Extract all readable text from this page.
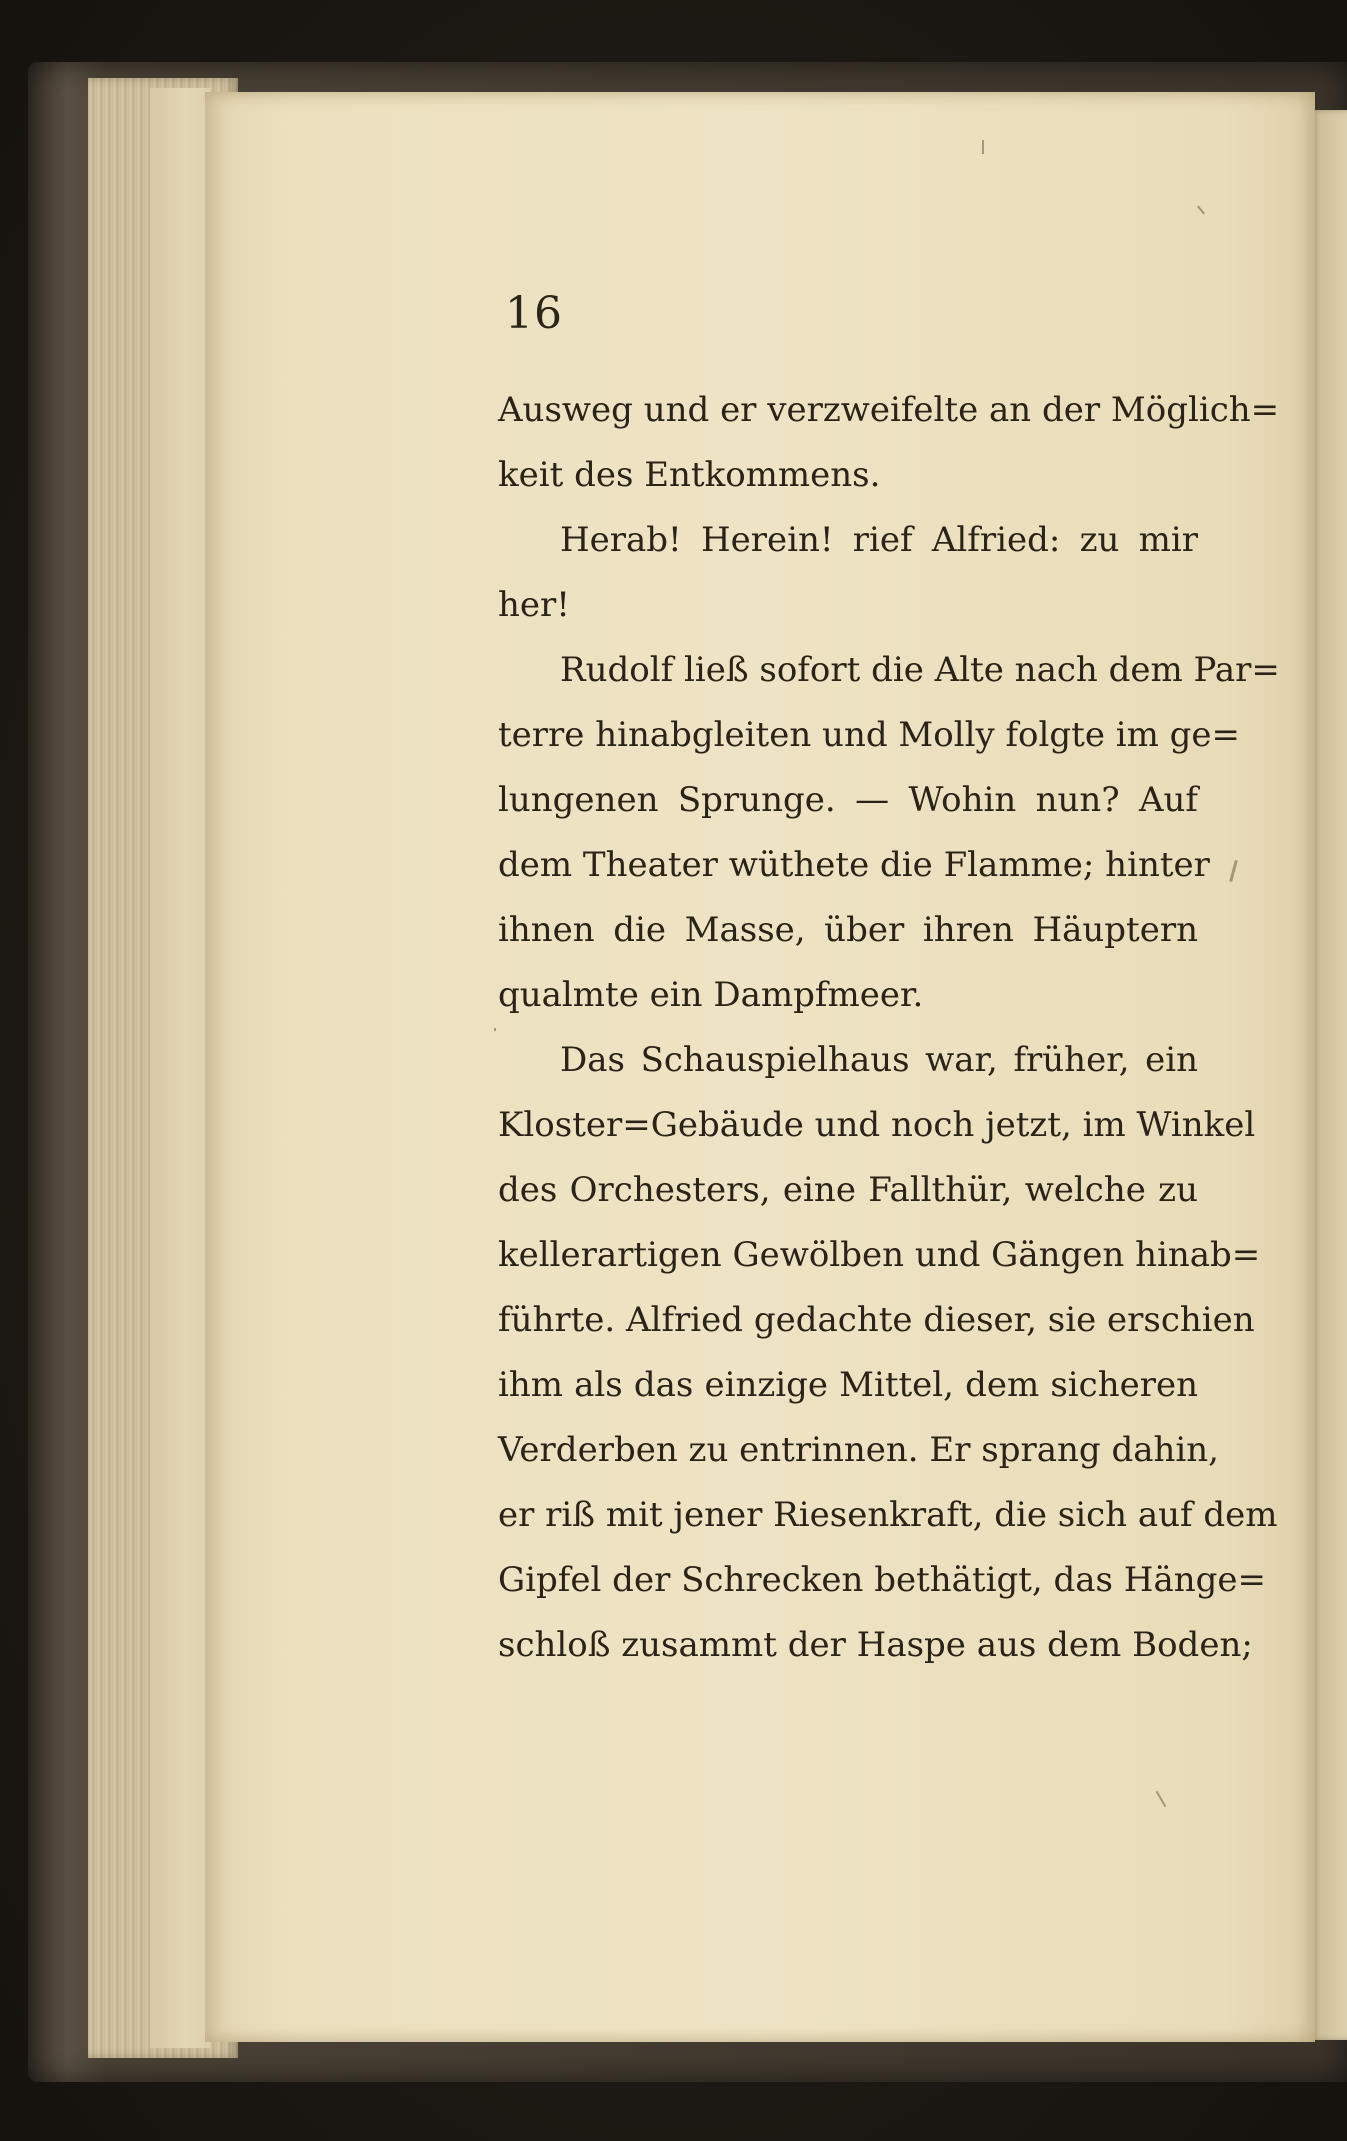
16
Ausweg und er verzweifelte an der Möglich=
keit des Entkommens.
Herab! Herein! rief Alfried: zu mir
her!
Rudolf ließ sofort die Alte nach dem Par=
terre hinabgleiten und Molly folgte im ge=
lungenen Sprunge. — Wohin nun? Auf
dem Theater wüthete die Flamme; hinter
ihnen die Masse, über ihren Häuptern
qualmte ein Dampfmeer.
Das Schauspielhaus war, früher, ein
Kloster=Gebäude und noch jetzt, im Winkel
des Orchesters, eine Fallthür, welche zu
kellerartigen Gewölben und Gängen hinab=
führte. Alfried gedachte dieser, sie erschien
ihm als das einzige Mittel, dem sicheren
Verderben zu entrinnen. Er sprang dahin,
er riß mit jener Riesenkraft, die sich auf dem
Gipfel der Schrecken bethätigt, das Hänge=
schloß zusammt der Haspe aus dem Boden;
